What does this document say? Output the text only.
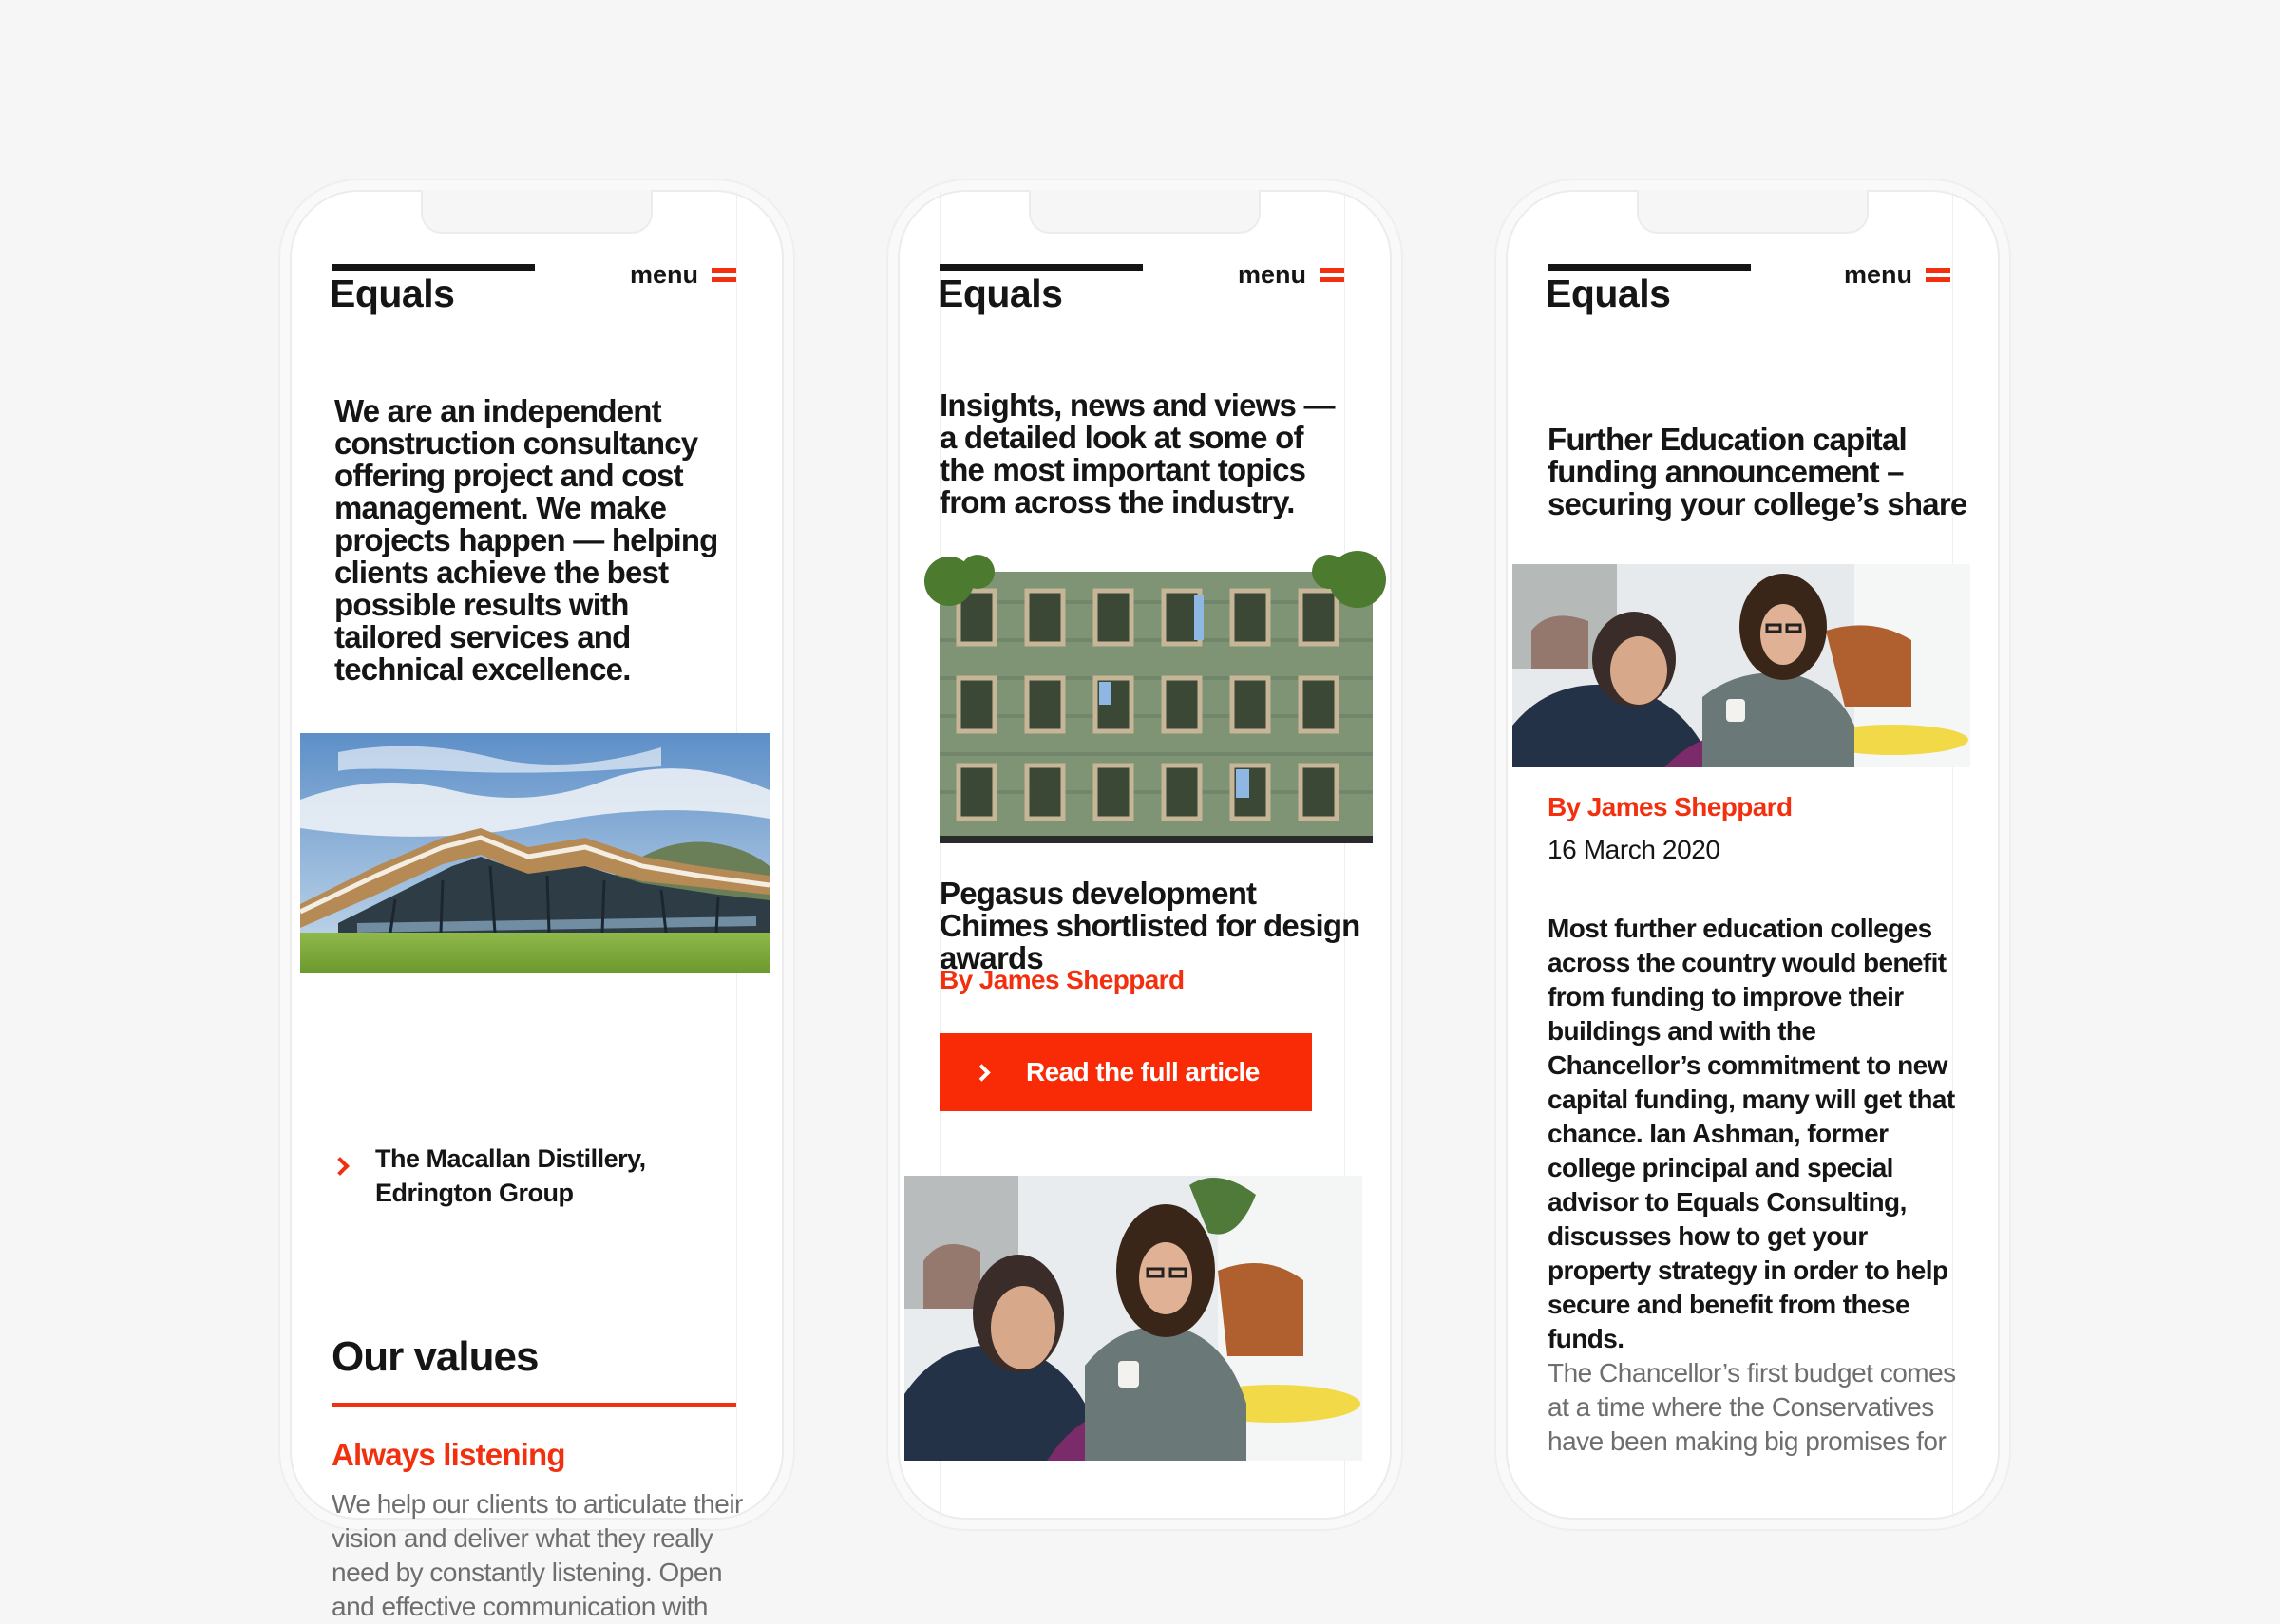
Equals	menu
We are an independent construction consultancy offering project and cost management. We make projects happen — helping clients achieve the best possible results with tailored services and technical excellence.
The Macallan Distillery,
Edrington Group
Our values
Always listening
We help our clients to articulate their vision and deliver what they really need by constantly listening. Open and effective communication with
Equals	menu
Insights, news and views — a detailed look at some of the most important topics from across the industry.
Pegasus development Chimes shortlisted for design awards
By James Sheppard
Read the full article
Equals	menu
Further Education capital funding announcement – securing your college’s share
By James Sheppard
16 March 2020
Most further education colleges across the country would benefit from funding to improve their buildings and with the Chancellor’s commitment to new capital funding, many will get that chance. Ian Ashman, former college principal and special advisor to Equals Consulting, discusses how to get your property strategy in order to help secure and benefit from these funds.
The Chancellor’s first budget comes at a time where the Conservatives have been making big promises for
